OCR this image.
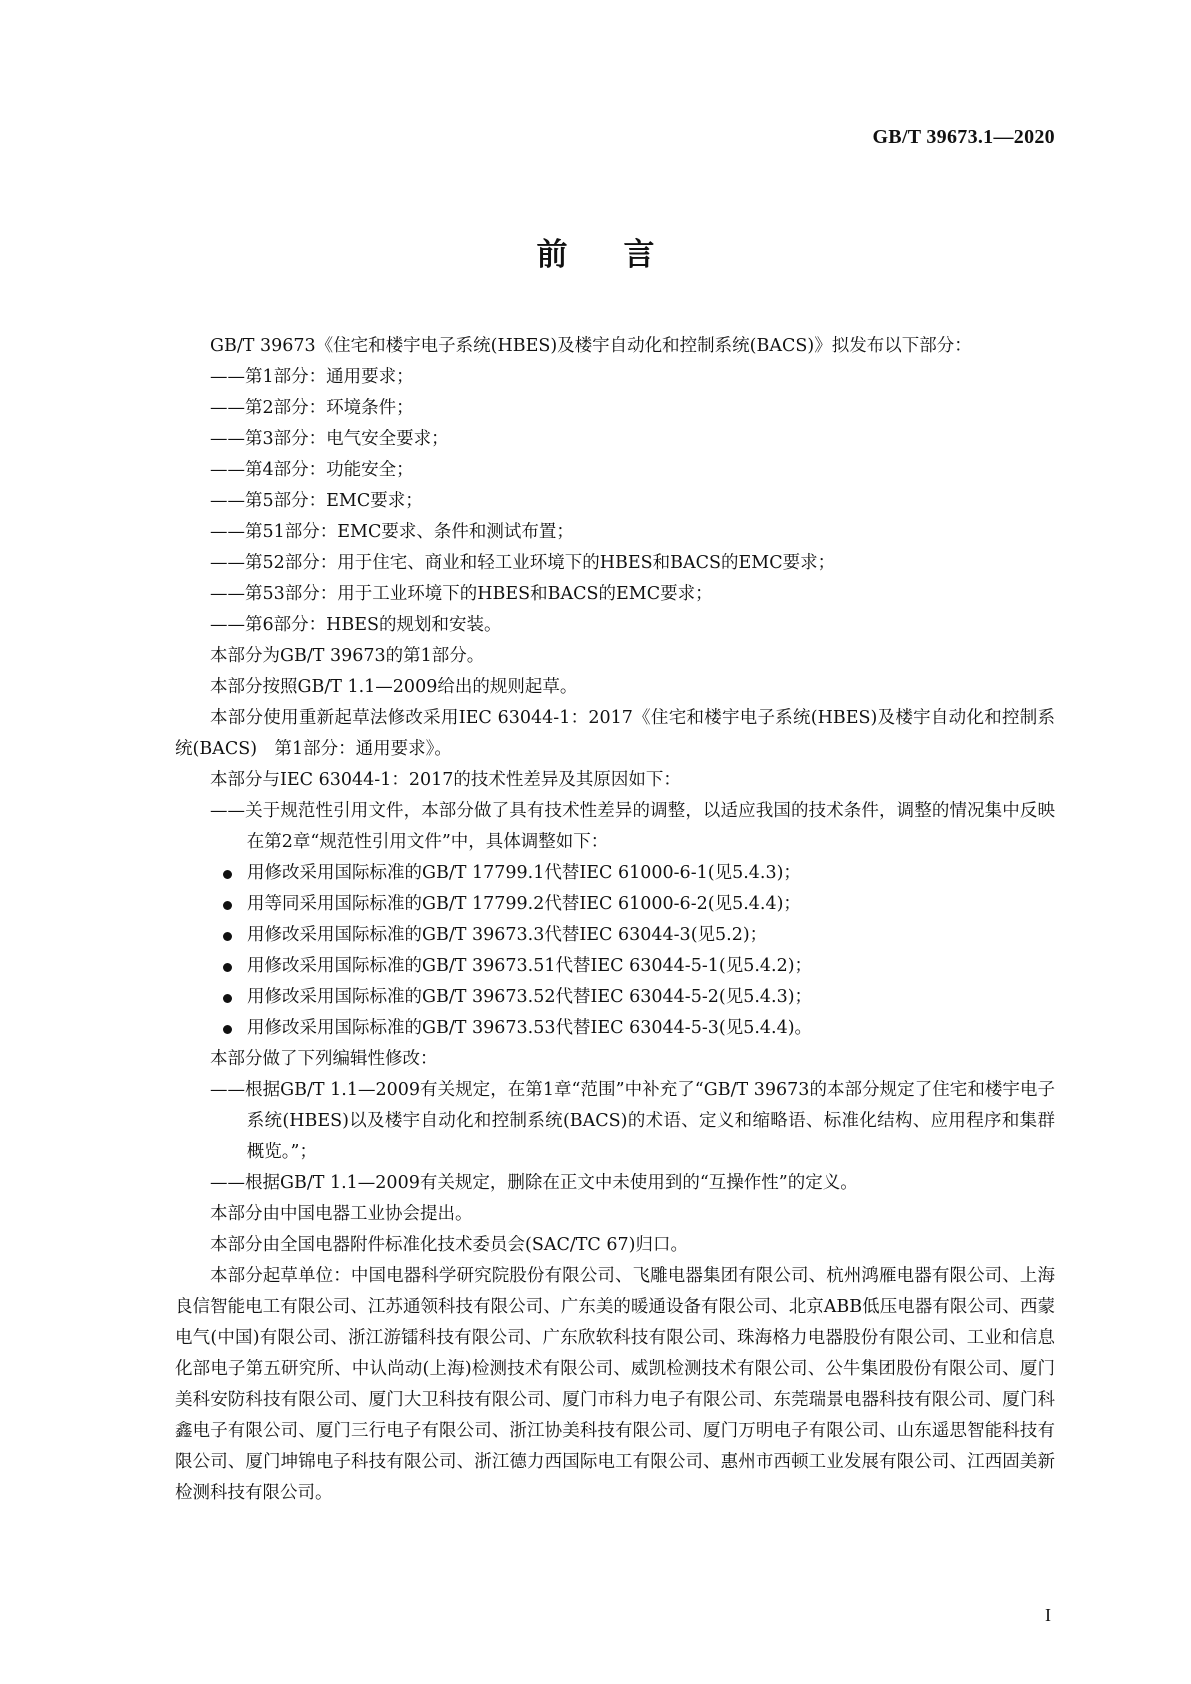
GB/T 39673.1—2020
前言
GB/T 39673《住宅和楼宇电子系统(HBES)及楼宇自动化和控制系统(BACS)》拟发布以下部分：
——第1部分：通用要求；
——第2部分：环境条件；
——第3部分：电气安全要求；
——第4部分：功能安全；
——第5部分：EMC要求；
——第51部分：EMC要求、条件和测试布置；
——第52部分：用于住宅、商业和轻工业环境下的HBES和BACS的EMC要求；
——第53部分：用于工业环境下的HBES和BACS的EMC要求；
——第6部分：HBES的规划和安装。
本部分为GB/T 39673的第1部分。
本部分按照GB/T 1.1—2009给出的规则起草。
本部分使用重新起草法修改采用IEC 63044-1：2017《住宅和楼宇电子系统(HBES)及楼宇自动化和控制系统(BACS)　第1部分：通用要求》。
本部分与IEC 63044-1：2017的技术性差异及其原因如下：
——关于规范性引用文件，本部分做了具有技术性差异的调整，以适应我国的技术条件，调整的情况集中反映在第2章“规范性引用文件”中，具体调整如下：
用修改采用国际标准的GB/T 17799.1代替IEC 61000-6-1(见5.4.3)；
用等同采用国际标准的GB/T 17799.2代替IEC 61000-6-2(见5.4.4)；
用修改采用国际标准的GB/T 39673.3代替IEC 63044-3(见5.2)；
用修改采用国际标准的GB/T 39673.51代替IEC 63044-5-1(见5.4.2)；
用修改采用国际标准的GB/T 39673.52代替IEC 63044-5-2(见5.4.3)；
用修改采用国际标准的GB/T 39673.53代替IEC 63044-5-3(见5.4.4)。
本部分做了下列编辑性修改：
——根据GB/T 1.1—2009有关规定，在第1章“范围”中补充了“GB/T 39673的本部分规定了住宅和楼宇电子系统(HBES)以及楼宇自动化和控制系统(BACS)的术语、定义和缩略语、标准化结构、应用程序和集群概览。”；
——根据GB/T 1.1—2009有关规定，删除在正文中未使用到的“互操作性”的定义。
本部分由中国电器工业协会提出。
本部分由全国电器附件标准化技术委员会(SAC/TC 67)归口。
本部分起草单位：中国电器科学研究院股份有限公司、飞雕电器集团有限公司、杭州鸿雁电器有限公司、上海良信智能电工有限公司、江苏通领科技有限公司、广东美的暖通设备有限公司、北京ABB低压电器有限公司、西蒙电气(中国)有限公司、浙江游镭科技有限公司、广东欣软科技有限公司、珠海格力电器股份有限公司、工业和信息化部电子第五研究所、中认尚动(上海)检测技术有限公司、威凯检测技术有限公司、公牛集团股份有限公司、厦门美科安防科技有限公司、厦门大卫科技有限公司、厦门市科力电子有限公司、东莞瑞景电器科技有限公司、厦门科鑫电子有限公司、厦门三行电子有限公司、浙江协美科技有限公司、厦门万明电子有限公司、山东遥思智能科技有限公司、厦门坤锦电子科技有限公司、浙江德力西国际电工有限公司、惠州市西顿工业发展有限公司、江西固美新检测科技有限公司。
I
